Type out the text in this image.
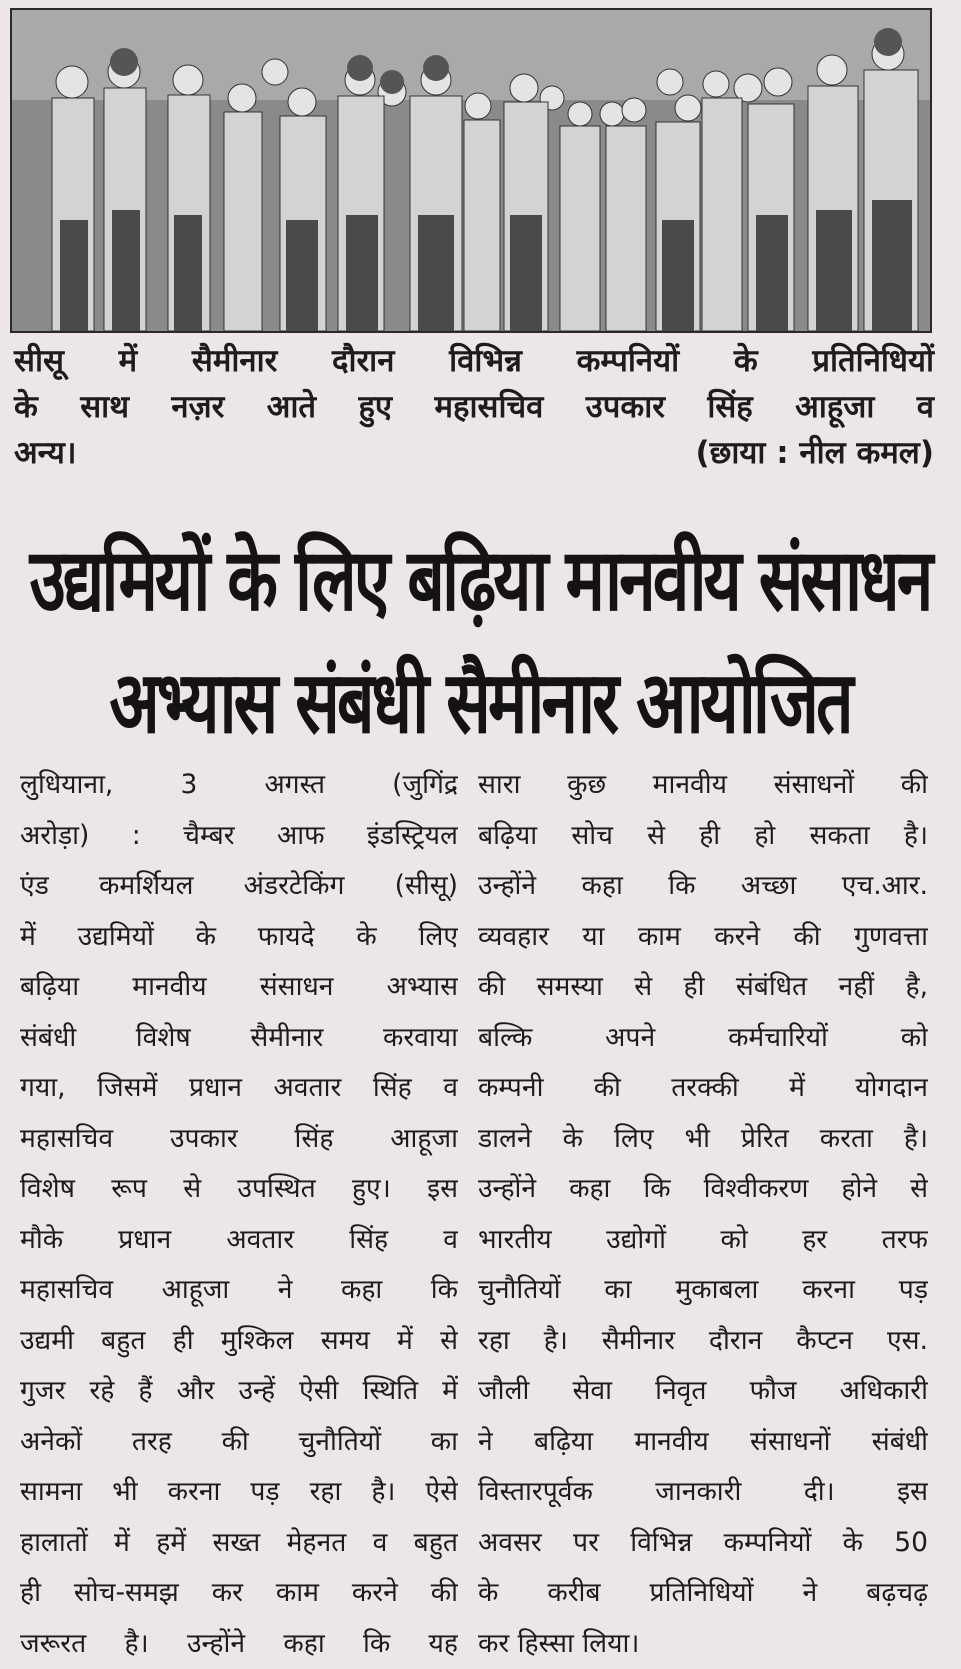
सीसू में सैमीनार दौरान विभिन्न कम्पनियों के प्रतिनिधियों
के साथ नज़र आते हुए महासचिव उपकार सिंह आहूजा व
अन्य।	(छाया : नील कमल)
उद्यमियों के लिए बढ़िया मानवीय संसाधन
अभ्यास संबंधी सैमीनार आयोजित
लुधियाना, 3 अगस्त (जुगिंद्र
अरोड़ा) : चैम्बर आफ इंडस्ट्रियल
एंड कमर्शियल अंडरटेकिंग (सीसू)
में उद्यमियों के फायदे के लिए
बढ़िया मानवीय संसाधन अभ्यास
संबंधी विशेष सैमीनार करवाया
गया, जिसमें प्रधान अवतार सिंह व
महासचिव उपकार सिंह आहूजा
विशेष रूप से उपस्थित हुए। इस
मौके प्रधान अवतार सिंह व
महासचिव आहूजा ने कहा कि
उद्यमी बहुत ही मुश्किल समय में से
गुजर रहे हैं और उन्हें ऐसी स्थिति में
अनेकों तरह की चुनौतियों का
सामना भी करना पड़ रहा है। ऐसे
हालातों में हमें सख्त मेहनत व बहुत
ही सोच-समझ कर काम करने की
जरूरत है। उन्होंने कहा कि यह
सारा कुछ मानवीय संसाधनों की
बढ़िया सोच से ही हो सकता है।
उन्होंने कहा कि अच्छा एच.आर.
व्यवहार या काम करने की गुणवत्ता
की समस्या से ही संबंधित नहीं है,
बल्कि अपने कर्मचारियों को
कम्पनी की तरक्की में योगदान
डालने के लिए भी प्रेरित करता है।
उन्होंने कहा कि विश्वीकरण होने से
भारतीय उद्योगों को हर तरफ
चुनौतियों का मुकाबला करना पड़
रहा है। सैमीनार दौरान कैप्टन एस.
जौली सेवा निवृत फौज अधिकारी
ने बढ़िया मानवीय संसाधनों संबंधी
विस्तारपूर्वक जानकारी दी। इस
अवसर पर विभिन्न कम्पनियों के 50
के करीब प्रतिनिधियों ने बढ़चढ़
कर हिस्सा लिया।
